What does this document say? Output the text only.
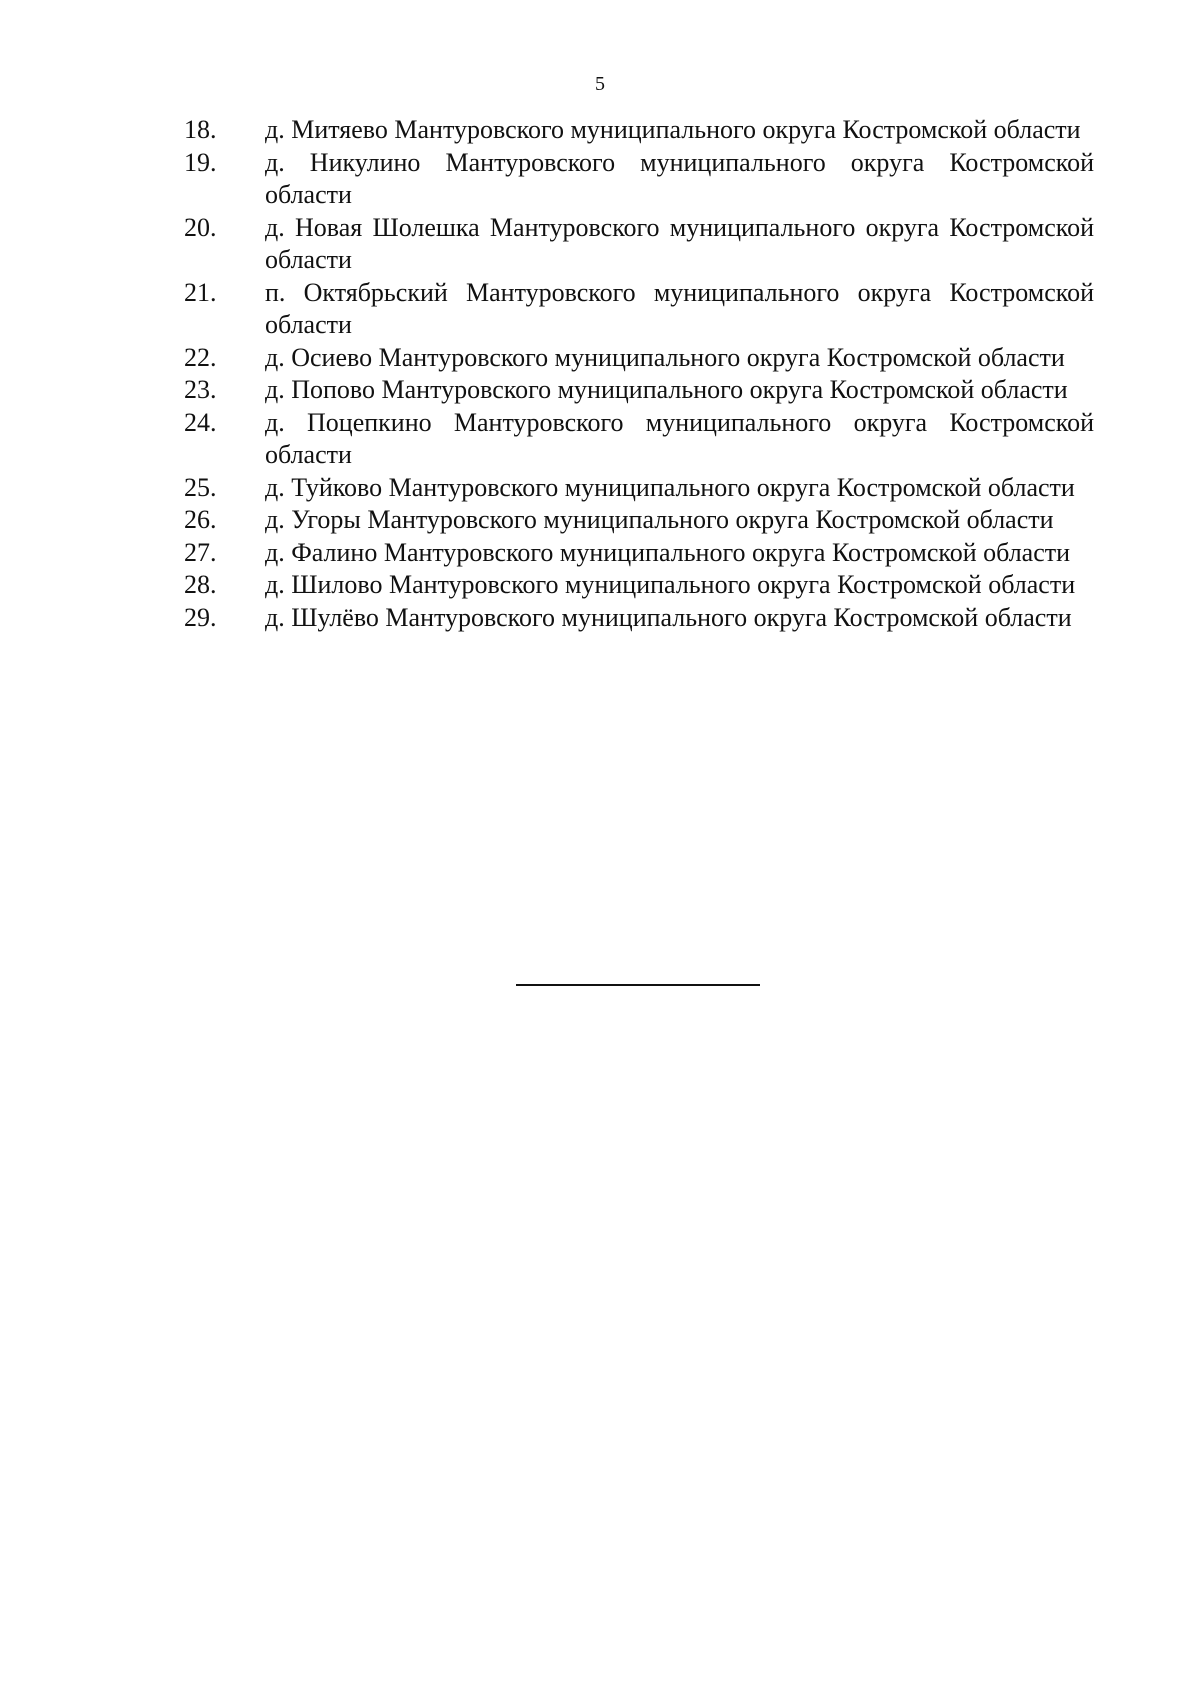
5
18.	д. Митяево Мантуровского муниципального округа Костромской области
19.	д. Никулино Мантуровского муниципального округа Костромской области
20.	д. Новая Шолешка Мантуровского муниципального округа Костромской области
21.	п. Октябрьский Мантуровского муниципального округа Костромской области
22.	д. Осиево Мантуровского муниципального округа Костромской области
23.	д. Попово Мантуровского муниципального округа Костромской области
24.	д. Поцепкино Мантуровского муниципального округа Костромской области
25.	д. Туйково Мантуровского муниципального округа Костромской области
26.	д. Угоры Мантуровского муниципального округа Костромской области
27.	д. Фалино Мантуровского муниципального округа Костромской области
28.	д. Шилово Мантуровского муниципального округа Костромской области
29.	д. Шулёво Мантуровского муниципального округа Костромской области
